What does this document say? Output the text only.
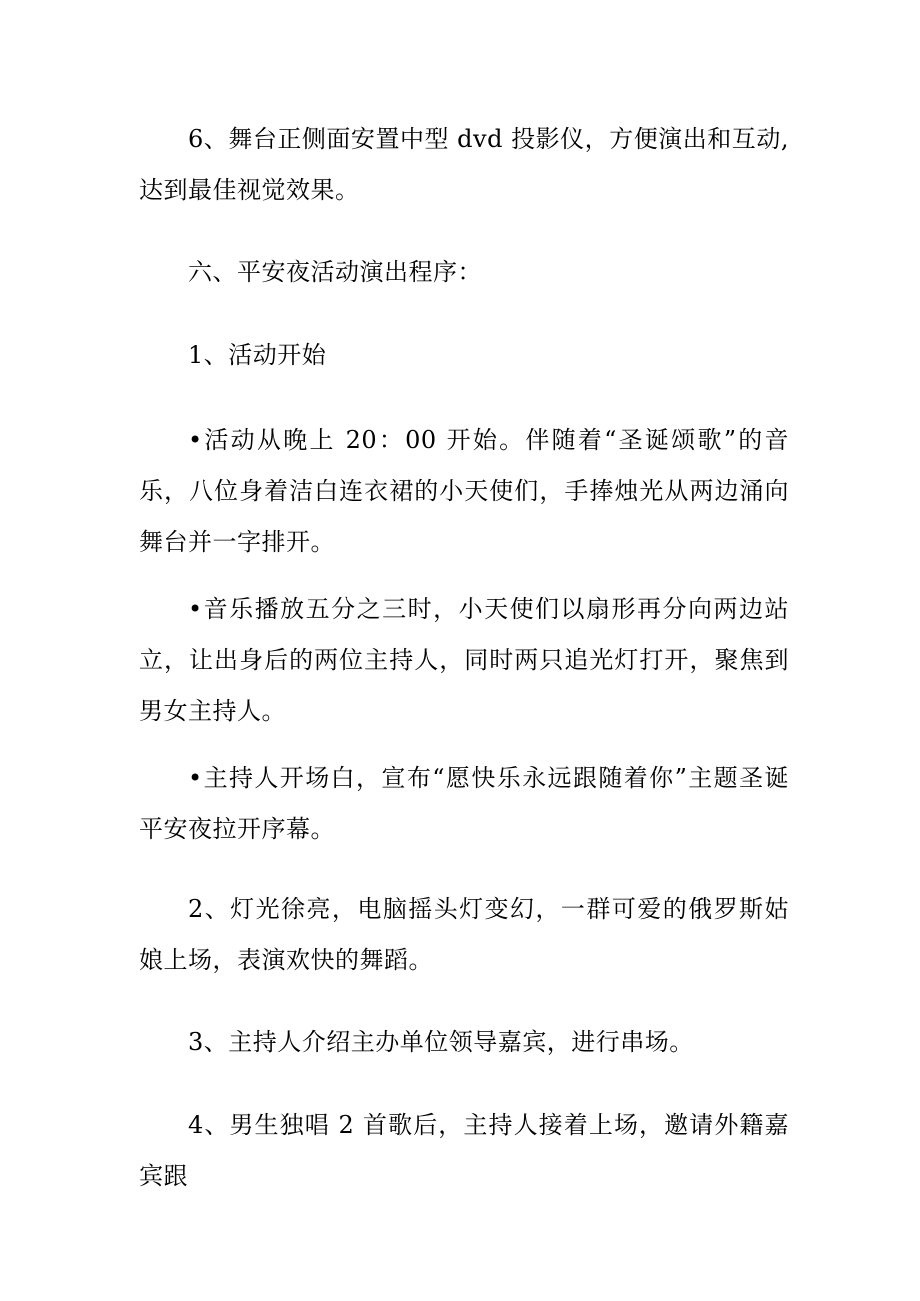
6、舞台正侧面安置中型 dvd 投影仪，方便演出和互动,达到最佳视觉效果。

六、平安夜活动演出程序：

1、活动开始

•活动从晚上 20：00 开始。伴随着“圣诞颂歌”的音乐，八位身着洁白连衣裙的小天使们，手捧烛光从两边涌向舞台并一字排开。

•音乐播放五分之三时，小天使们以扇形再分向两边站立，让出身后的两位主持人，同时两只追光灯打开，聚焦到男女主持人。

•主持人开场白，宣布“愿快乐永远跟随着你”主题圣诞平安夜拉开序幕。

2、灯光徐亮，电脑摇头灯变幻，一群可爱的俄罗斯姑娘上场，表演欢快的舞蹈。

3、主持人介绍主办单位领导嘉宾，进行串场。

4、男生独唱 2 首歌后，主持人接着上场，邀请外籍嘉宾跟
